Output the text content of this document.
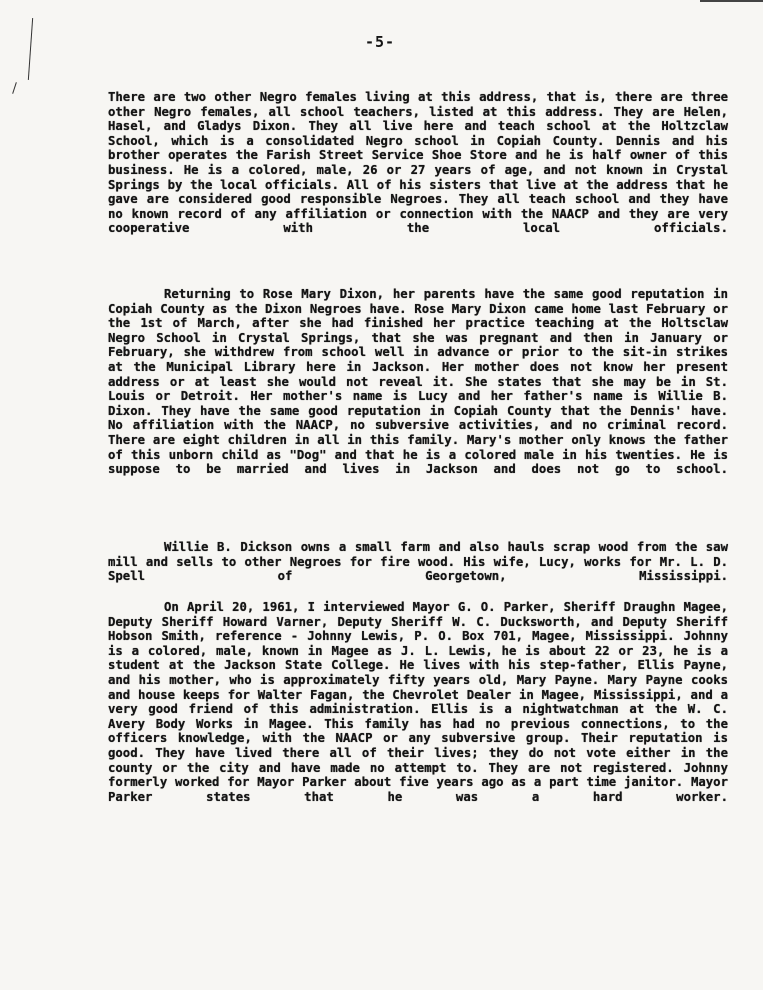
-5-

There are two other Negro females living at this address, that is, there are three other Negro females, all school teachers, listed at this address. They are Helen, Hasel, and Gladys Dixon. They all live here and teach school at the Holtzclaw School, which is a consolidated Negro school in Copiah County. Dennis and his brother operates the Farish Street Service Shoe Store and he is half owner of this business. He is a colored, male, 26 or 27 years of age, and not known in Crystal Springs by the local officials. All of his sisters that live at the address that he gave are considered good responsible Negroes. They all teach school and they have no known record of any affiliation or connection with the NAACP and they are very cooperative with the local officials.

Returning to Rose Mary Dixon, her parents have the same good reputation in Copiah County as the Dixon Negroes have. Rose Mary Dixon came home last February or the 1st of March, after she had finished her practice teaching at the Holtsclaw Negro School in Crystal Springs, that she was pregnant and then in January or February, she withdrew from school well in advance or prior to the sit-in strikes at the Municipal Library here in Jackson. Her mother does not know her present address or at least she would not reveal it. She states that she may be in St. Louis or Detroit. Her mother's name is Lucy and her father's name is Willie B. Dixon. They have the same good reputation in Copiah County that the Dennis' have. No affiliation with the NAACP, no subversive activities, and no criminal record. There are eight children in all in this family. Mary's mother only knows the father of this unborn child as "Dog" and that he is a colored male in his twenties. He is suppose to be married and lives in Jackson and does not go to school.

Willie B. Dickson owns a small farm and also hauls scrap wood from the saw mill and sells to other Negroes for fire wood. His wife, Lucy, works for Mr. L. D. Spell of Georgetown, Mississippi.

On April 20, 1961, I interviewed Mayor G. O. Parker, Sheriff Draughn Magee, Deputy Sheriff Howard Varner, Deputy Sheriff W. C. Ducksworth, and Deputy Sheriff Hobson Smith, reference - Johnny Lewis, P. O. Box 701, Magee, Mississippi. Johnny is a colored, male, known in Magee as J. L. Lewis, he is about 22 or 23, he is a student at the Jackson State College. He lives with his step-father, Ellis Payne, and his mother, who is approximately fifty years old, Mary Payne. Mary Payne cooks and house keeps for Walter Fagan, the Chevrolet Dealer in Magee, Mississippi, and a very good friend of this administration. Ellis is a nightwatchman at the W. C. Avery Body Works in Magee. This family has had no previous connections, to the officers knowledge, with the NAACP or any subversive group. Their reputation is good. They have lived there all of their lives; they do not vote either in the county or the city and have made no attempt to. They are not registered. Johnny formerly worked for Mayor Parker about five years ago as a part time janitor. Mayor Parker states that he was a hard worker.
